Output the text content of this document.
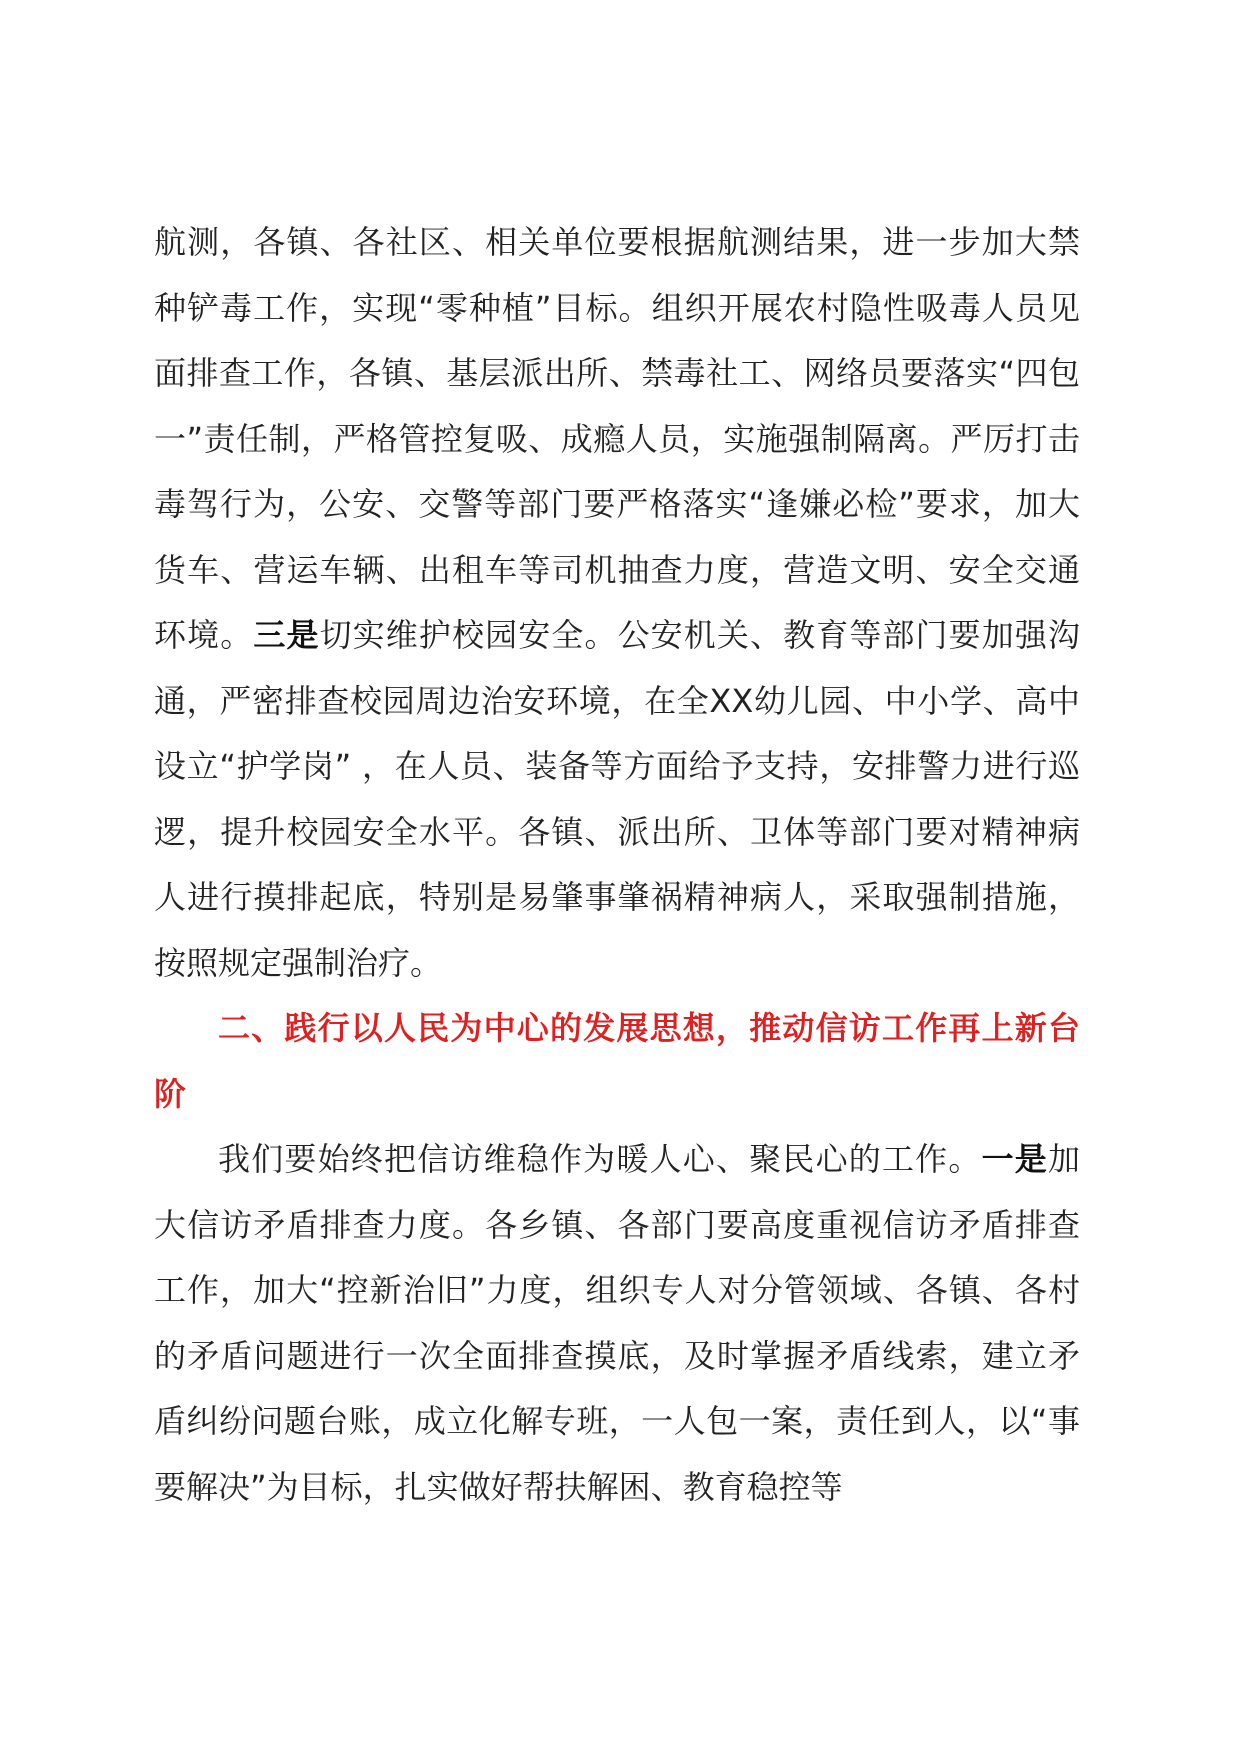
航测，各镇、各社区、相关单位要根据航测结果，进一步加大禁种铲毒工作，实现“零种植”目标。组织开展农村隐性吸毒人员见面排查工作，各镇、基层派出所、禁毒社工、网络员要落实“四包一”责任制，严格管控复吸、成瘾人员，实施强制隔离。严厉打击毒驾行为，公安、交警等部门要严格落实“逢嫌必检”要求，加大货车、营运车辆、出租车等司机抽查力度，营造文明、安全交通环境。三是切实维护校园安全。公安机关、教育等部门要加强沟通，严密排查校园周边治安环境，在全XX幼儿园、中小学、高中设立“护学岗” ，在人员、装备等方面给予支持，安排警力进行巡逻，提升校园安全水平。各镇、派出所、卫体等部门要对精神病人进行摸排起底，特别是易肇事肇祸精神病人，采取强制措施，按照规定强制治疗。

二、践行以人民为中心的发展思想，推动信访工作再上新台阶

我们要始终把信访维稳作为暖人心、聚民心的工作。一是加大信访矛盾排查力度。各乡镇、各部门要高度重视信访矛盾排查工作，加大“控新治旧”力度，组织专人对分管领域、各镇、各村的矛盾问题进行一次全面排查摸底，及时掌握矛盾线索，建立矛盾纠纷问题台账，成立化解专班，一人包一案，责任到人，以“事要解决”为目标，扎实做好帮扶解困、教育稳控等
